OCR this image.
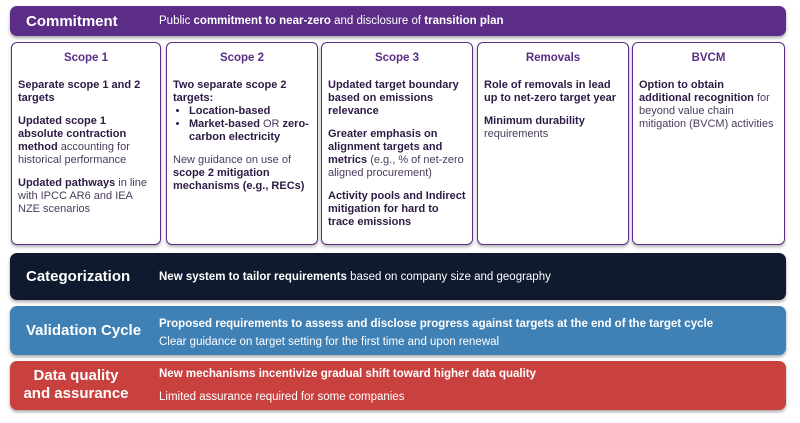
Commitment	Public commitment to near-zero and disclosure of transition plan
Scope 1

Separate scope 1 and 2 targets

Updated scope 1 absolute contraction method accounting for historical performance

Updated pathways in line with IPCC AR6 and IEA NZE scenarios

Scope 2

Two separate scope 2 targets:

• Location-based
• Market-based OR zero-carbon electricity

New guidance on use of scope 2 mitigation mechanisms (e.g., RECs)

Scope 3

Updated target boundary based on emissions relevance

Greater emphasis on alignment targets and metrics (e.g., % of net-zero aligned procurement)

Activity pools and Indirect mitigation for hard to trace emissions

Removals

Role of removals in lead up to net-zero target year

Minimum durability requirements

BVCM

Option to obtain additional recognition for beyond value chain mitigation (BVCM) activities

Categorization	New system to tailor requirements based on company size and geography
Validation Cycle Proposed requirements to assess and disclose progress against targets at the end of the target cycle
Clear guidance on target setting for the first time and upon renewal
Data quality
and assurance
New mechanisms incentivize gradual shift toward higher data quality
Limited assurance required for some companies
